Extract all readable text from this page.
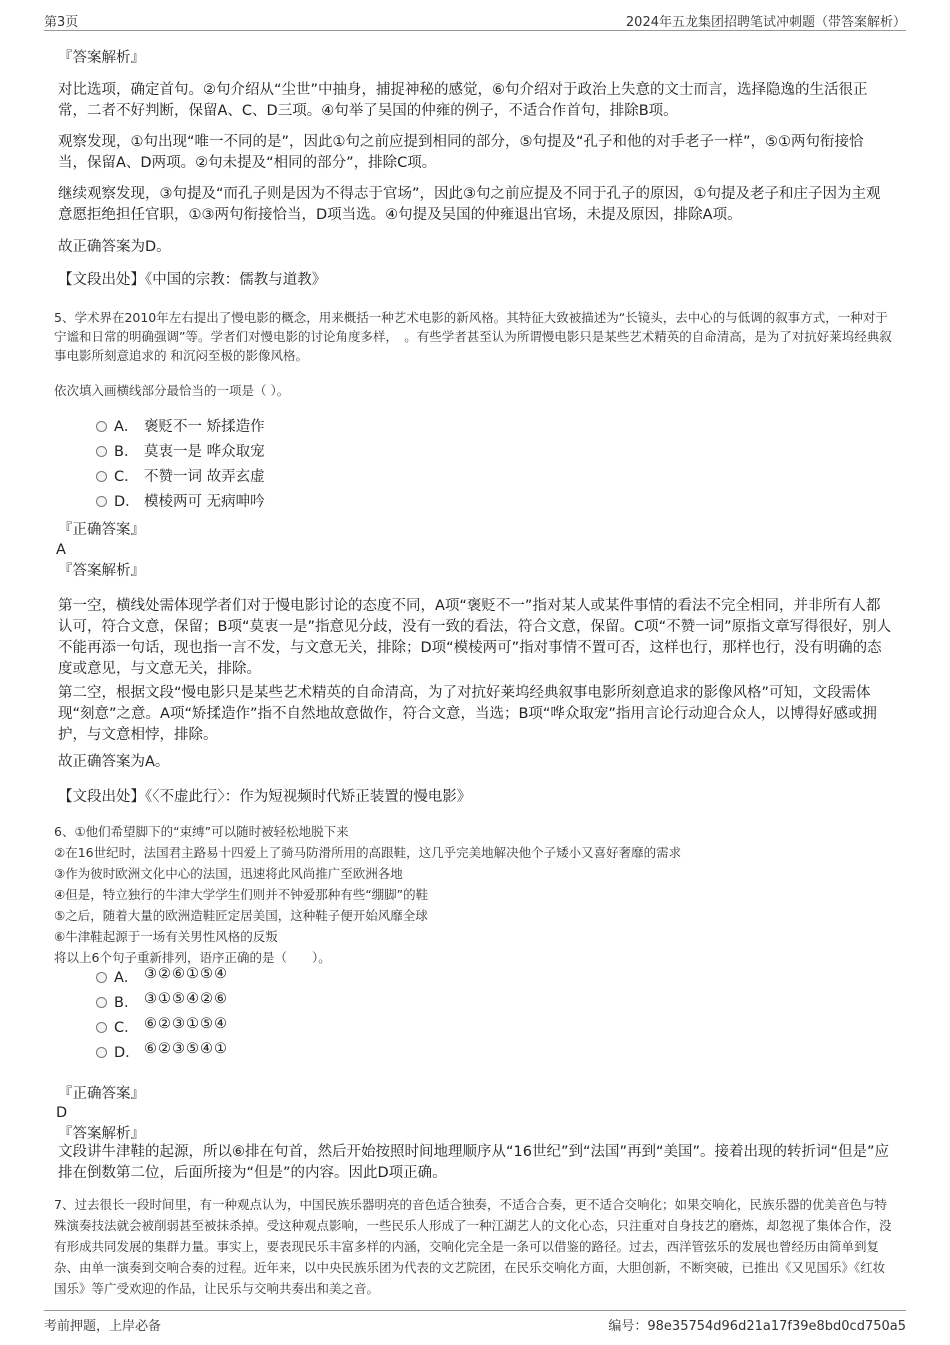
第3页	2024年五龙集团招聘笔试冲刺题（带答案解析）
『答案解析』

对比选项，确定首句。②句介绍从“尘世”中抽身，捕捉神秘的感觉，⑥句介绍对于政治上失意的文士而言，选择隐逸的生活很正常，二者不好判断，保留A、C、D三项。④句举了吴国的仲雍的例子，不适合作首句，排除B项。

观察发现，①句出现“唯一不同的是”，因此①句之前应提到相同的部分，⑤句提及“孔子和他的对手老子一样”，⑤①两句衔接恰当，保留A、D两项。②句未提及“相同的部分”，排除C项。

继续观察发现，③句提及“而孔子则是因为不得志于官场”，因此③句之前应提及不同于孔子的原因，①句提及老子和庄子因为主观意愿拒绝担任官职，①③两句衔接恰当，D项当选。④句提及吴国的仲雍退出官场，未提及原因，排除A项。

故正确答案为D。

【文段出处】《中国的宗教：儒教与道教》

5、学术界在2010年左右提出了慢电影的概念，用来概括一种艺术电影的新风格。其特征大致被描述为“长镜头，去中心的与低调的叙事方式，一种对于宁谧和日常的明确强调”等。学者们对慢电影的讨论角度多样，　。有些学者甚至认为所谓慢电影只是某些艺术精英的自命清高，是为了对抗好莱坞经典叙事电影所刻意追求的 和沉闷至极的影像风格。

依次填入画横线部分最恰当的一项是（ ）。

A． 褒贬不一 矫揉造作
B． 莫衷一是 哗众取宠
C． 不赞一词 故弄玄虚
D． 模棱两可 无病呻吟
『正确答案』
A
『答案解析』

第一空，横线处需体现学者们对于慢电影讨论的态度不同，A项“褒贬不一”指对某人或某件事情的看法不完全相同，并非所有人都认可，符合文意，保留；B项“莫衷一是”指意见分歧，没有一致的看法，符合文意，保留。C项“不赞一词”原指文章写得很好，别人不能再添一句话，现也指一言不发，与文意无关，排除；D项“模棱两可”指对事情不置可否，这样也行，那样也行，没有明确的态度或意见，与文意无关，排除。

第二空，根据文段“慢电影只是某些艺术精英的自命清高，为了对抗好莱坞经典叙事电影所刻意追求的影像风格”可知，文段需体现“刻意”之意。A项“矫揉造作”指不自然地故意做作，符合文意，当选；B项“哗众取宠”指用言论行动迎合众人，以博得好感或拥护，与文意相悖，排除。

故正确答案为A。

【文段出处】《〈不虚此行〉：作为短视频时代矫正装置的慢电影》

6、①他们希望脚下的“束缚”可以随时被轻松地脱下来

②在16世纪时，法国君主路易十四爱上了骑马防滑所用的高跟鞋，这几乎完美地解决他个子矮小又喜好奢靡的需求

③作为彼时欧洲文化中心的法国，迅速将此风尚推广至欧洲各地

④但是，特立独行的牛津大学学生们则并不钟爱那种有些“绷脚”的鞋

⑤之后，随着大量的欧洲造鞋匠定居美国，这种鞋子便开始风靡全球

⑥牛津鞋起源于一场有关男性风格的反叛

将以上6个句子重新排列，语序正确的是（　　）。

A． ③②⑥①⑤④
B． ③①⑤④②⑥
C． ⑥②③①⑤④
D． ⑥②③⑤④①
『正确答案』
D
『答案解析』

文段讲牛津鞋的起源，所以⑥排在句首，然后开始按照时间地理顺序从“16世纪”到“法国”再到“美国”。接着出现的转折词“但是”应排在倒数第二位，后面所接为“但是”的内容。因此D项正确。

7、过去很长一段时间里，有一种观点认为，中国民族乐器明亮的音色适合独奏，不适合合奏，更不适合交响化；如果交响化，民族乐器的优美音色与特殊演奏技法就会被削弱甚至被抹杀掉。受这种观点影响，一些民乐人形成了一种江湖艺人的文化心态，只注重对自身技艺的磨炼，却忽视了集体合作，没有形成共同发展的集群力量。事实上，要表现民乐丰富多样的内涵，交响化完全是一条可以借鉴的路径。过去，西洋管弦乐的发展也曾经历由简单到复杂、由单一演奏到交响合奏的过程。近年来，以中央民族乐团为代表的文艺院团，在民乐交响化方面，大胆创新，不断突破，已推出《又见国乐》《红妆国乐》等广受欢迎的作品，让民乐与交响共奏出和美之音。

考前押题，上岸必备	编号：98e35754d96d21a17f39e8bd0cd750a5
